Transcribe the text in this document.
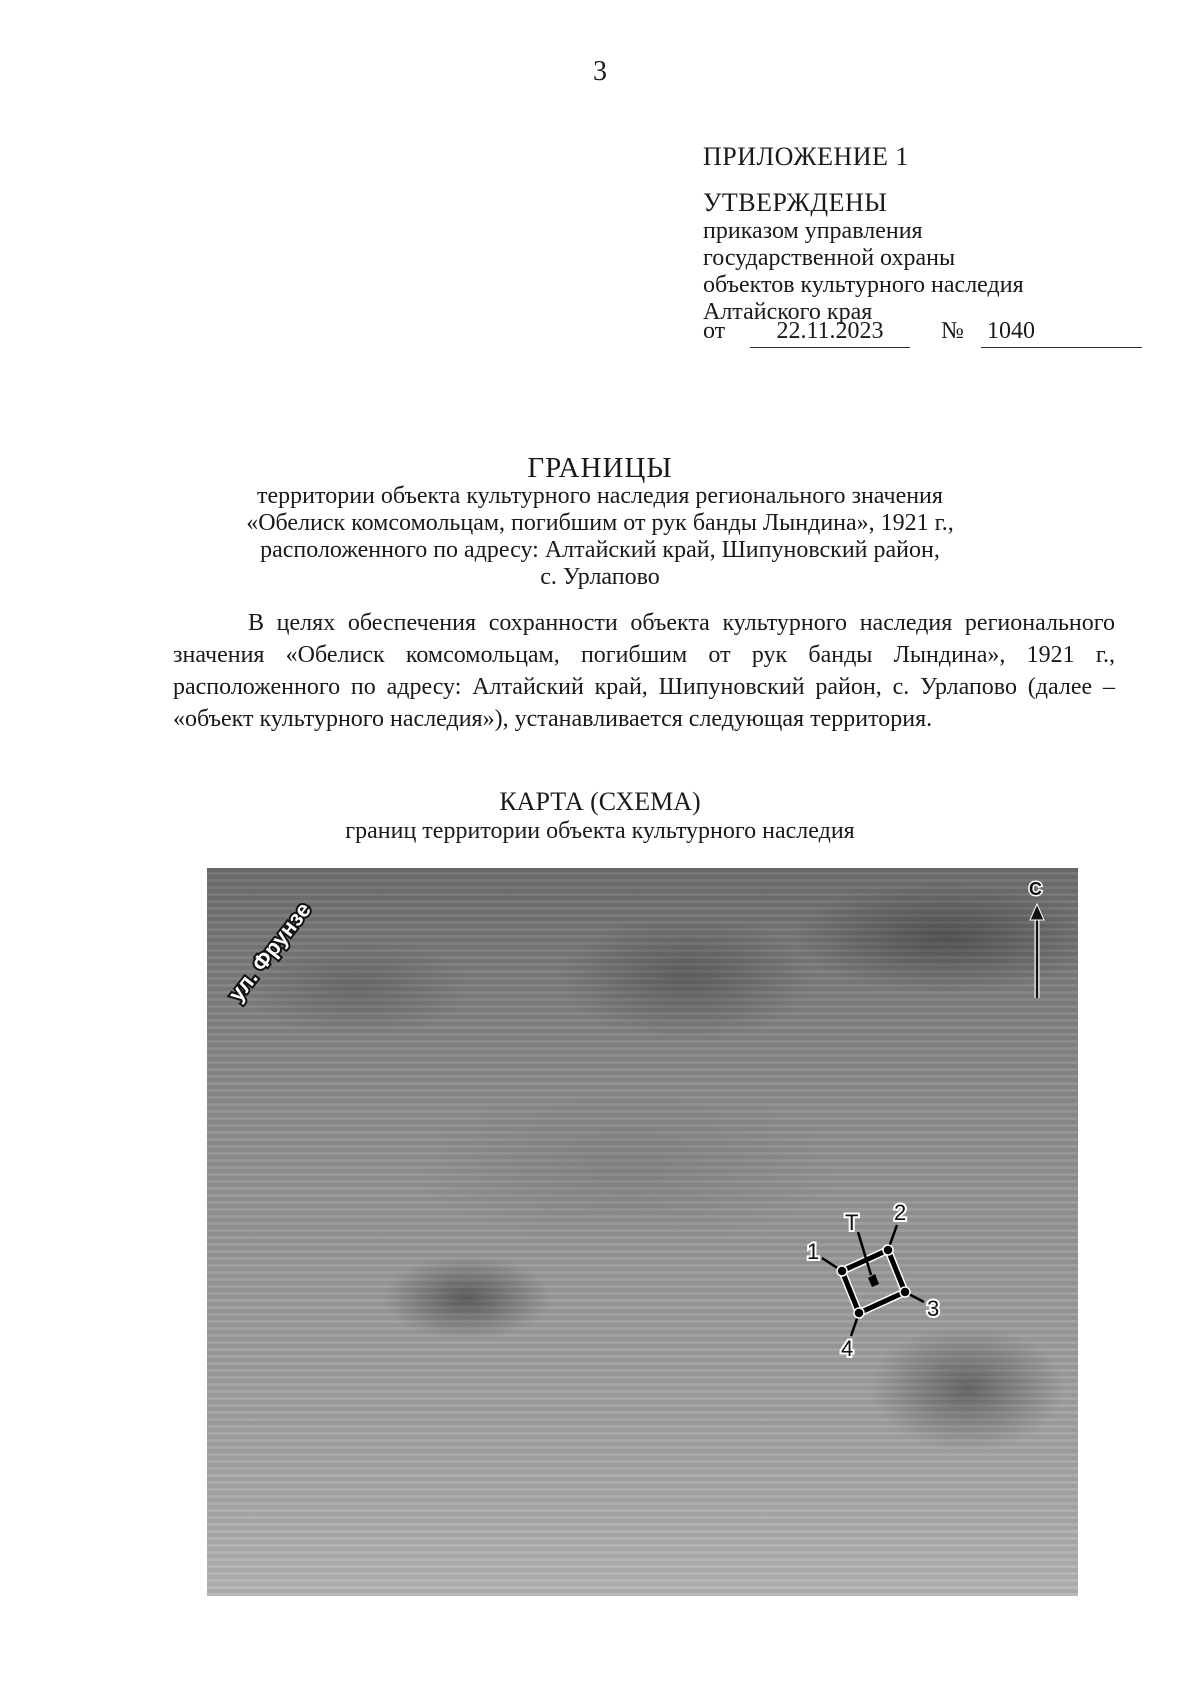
3
ПРИЛОЖЕНИЕ 1
УТВЕРЖДЕНЫ
приказом управления
государственной охраны
объектов культурного наследия
Алтайского края
от	22.11.2023	№ 1040
ГРАНИЦЫ
территории объекта культурного наследия регионального значения
«Обелиск комсомольцам, погибшим от рук банды Лындина», 1921 г.,
расположенного по адресу: Алтайский край, Шипуновский район,
с. Урлапово
В целях обеспечения сохранности объекта культурного наследия регионального значения «Обелиск комсомольцам, погибшим от рук банды Лындина», 1921 г., расположенного по адресу: Алтайский край, Шипуновский район, с. Урлапово (далее – «объект культурного наследия»), устанавливается следующая территория.
КАРТА (СХЕМА)
границ территории объекта культурного наследия
ул. Фрунзе
С
1
2
3
4
Т
